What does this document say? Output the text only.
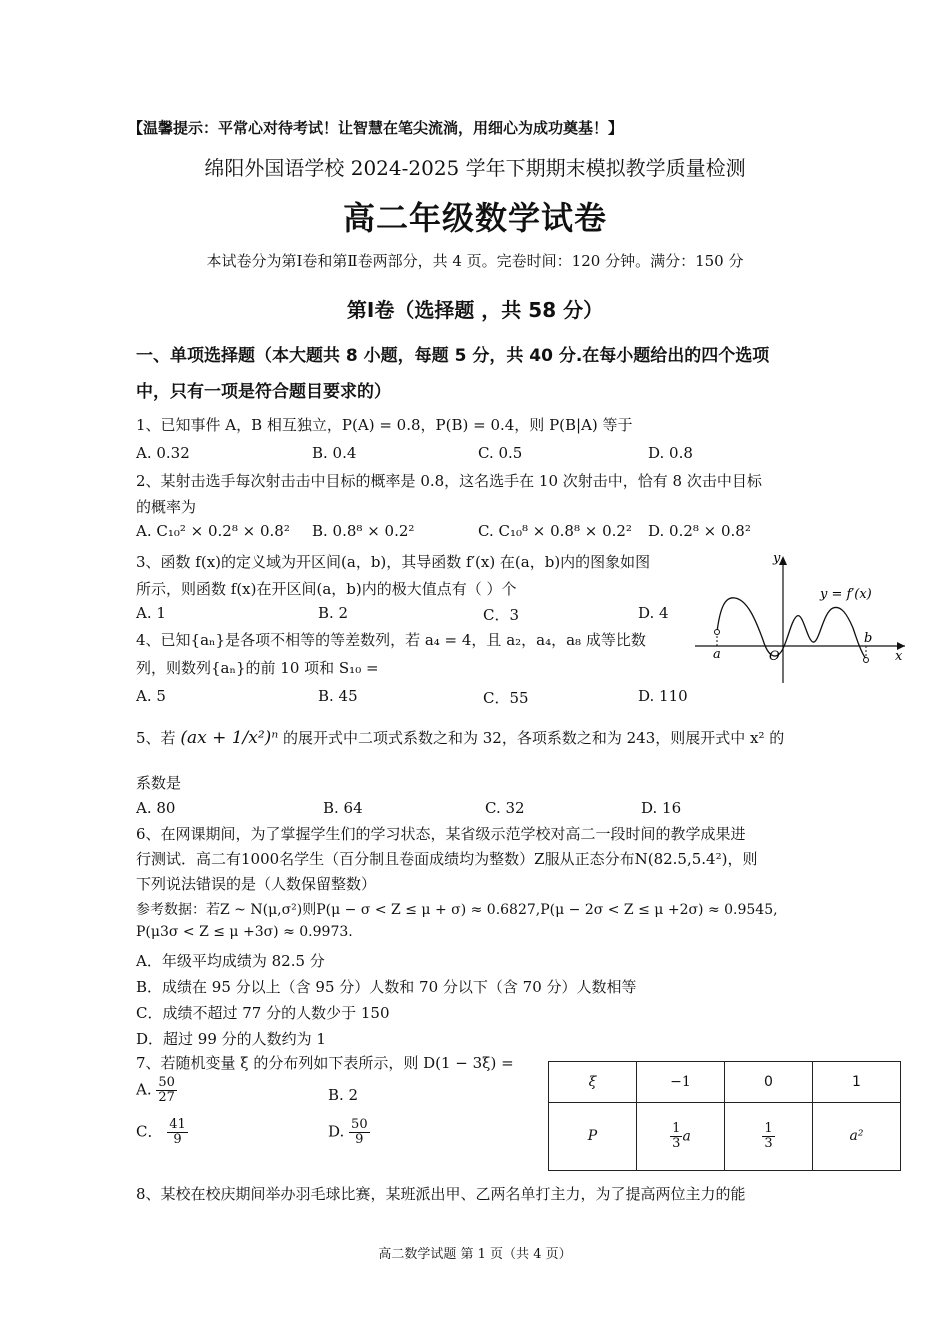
【温馨提示：平常心对待考试！让智慧在笔尖流淌，用细心为成功奠基！】
绵阳外国语学校 2024-2025 学年下期期末模拟教学质量检测
高二年级数学试卷
本试卷分为第Ⅰ卷和第Ⅱ卷两部分，共 4 页。完卷时间：120 分钟。满分：150 分
第Ⅰ卷（选择题 ，共 58 分）
一、单项选择题（本大题共 8 小题，每题 5 分，共 40 分.在每小题给出的四个选项
中，只有一项是符合题目要求的）
1、已知事件 A，B 相互独立，P(A) = 0.8，P(B) = 0.4，则 P(B|A) 等于
A. 0.32	B. 0.4	C. 0.5	D. 0.8
2、某射击选手每次射击击中目标的概率是 0.8，这名选手在 10 次射击中，恰有 8 次击中目标
的概率为
A. C₁₀² × 0.2⁸ × 0.8² B. 0.8⁸ × 0.2²	C. C₁₀⁸ × 0.8⁸ × 0.2² D. 0.2⁸ × 0.8²
3、函数 f(x)的定义域为开区间(a，b)，其导函数 f′(x) 在(a，b)内的图象如图
所示，则函数 f(x)在开区间(a，b)内的极大值点有（ ）个
A. 1	B. 2	C．3	D. 4
y
x
y = f′(x)
a
b
O
4、已知{aₙ}是各项不相等的等差数列，若 a₄ = 4，且 a₂，a₄，a₈ 成等比数
列，则数列{aₙ}的前 10 项和 S₁₀ =
A. 5	B. 45	C．55	D. 110
5、若 (ax + 1/x²)ⁿ 的展开式中二项式系数之和为 32，各项系数之和为 243，则展开式中 x² 的
系数是
A. 80	B. 64	C. 32	D. 16
6、在网课期间，为了掌握学生们的学习状态，某省级示范学校对高二一段时间的教学成果进
行测试．高二有1000名学生（百分制且卷面成绩均为整数）Z服从正态分布N(82.5,5.4²)，则
下列说法错误的是（人数保留整数）
参考数据：若Z ~ N(μ,σ²)则P(μ − σ < Z ≤ μ + σ) ≈ 0.6827,P(μ − 2σ < Z ≤ μ +2σ) ≈ 0.9545,
P(μ3σ < Z ≤ μ +3σ) ≈ 0.9973.
A．年级平均成绩为 82.5 分
B．成绩在 95 分以上（含 95 分）人数和 70 分以下（含 70 分）人数相等
C．成绩不超过 77 分的人数少于 150
D．超过 99 分的人数约为 1
7、若随机变量 ξ 的分布列如下表所示，则 D(1 − 3ξ) =
A. $\frac{50}{27}$	B. 2
C． $\frac{41}{9}$	D. $\frac{50}{9}$
ξ	−1	0	1
P	$\frac{1}{3}$ a	$\frac{1}{3}$	a²
8、某校在校庆期间举办羽毛球比赛，某班派出甲、乙两名单打主力，为了提高两位主力的能
高二数学试题 第 1 页（共 4 页）
